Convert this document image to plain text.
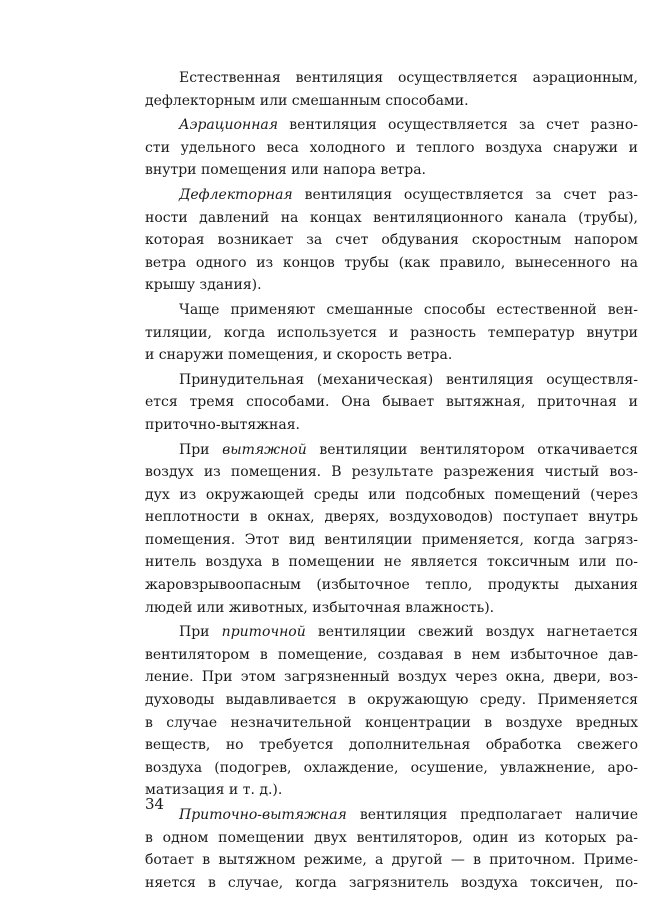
Естественная вентиляция осуществляется аэрационным,
дефлекторным или смешанным способами.

Аэрационная вентиляция осуществляется за счет разно-
сти удельного веса холодного и теплого воздуха снаружи и
внутри помещения или напора ветра.

Дефлекторная вентиляция осуществляется за счет раз-
ности давлений на концах вентиляционного канала (трубы),
которая возникает за счет обдувания скоростным напором
ветра одного из концов трубы (как правило, вынесенного на
крышу здания).

Чаще применяют смешанные способы естественной вен-
тиляции, когда используется и разность температур внутри
и снаружи помещения, и скорость ветра.

Принудительная (механическая) вентиляция осуществля-
ется тремя способами. Она бывает вытяжная, приточная и
приточно-вытяжная.

При вытяжной вентиляции вентилятором откачивается
воздух из помещения. В результате разрежения чистый воз-
дух из окружающей среды или подсобных помещений (через
неплотности в окнах, дверях, воздуховодов) поступает внутрь
помещения. Этот вид вентиляции применяется, когда загряз-
нитель воздуха в помещении не является токсичным или по-
жаровзрывоопасным (избыточное тепло, продукты дыхания
людей или животных, избыточная влажность).

При приточной вентиляции свежий воздух нагнетается
вентилятором в помещение, создавая в нем избыточное дав-
ление. При этом загрязненный воздух через окна, двери, воз-
духоводы выдавливается в окружающую среду. Применяется
в случае незначительной концентрации в воздухе вредных
веществ, но требуется дополнительная обработка свежего
воздуха (подогрев, охлаждение, осушение, увлажнение, аро-
матизация и т. д.).

Приточно-вытяжная вентиляция предполагает наличие
в одном помещении двух вентиляторов, один из которых ра-
ботает в вытяжном режиме, а другой — в приточном. Приме-
няется в случае, когда загрязнитель воздуха токсичен, по-

34
